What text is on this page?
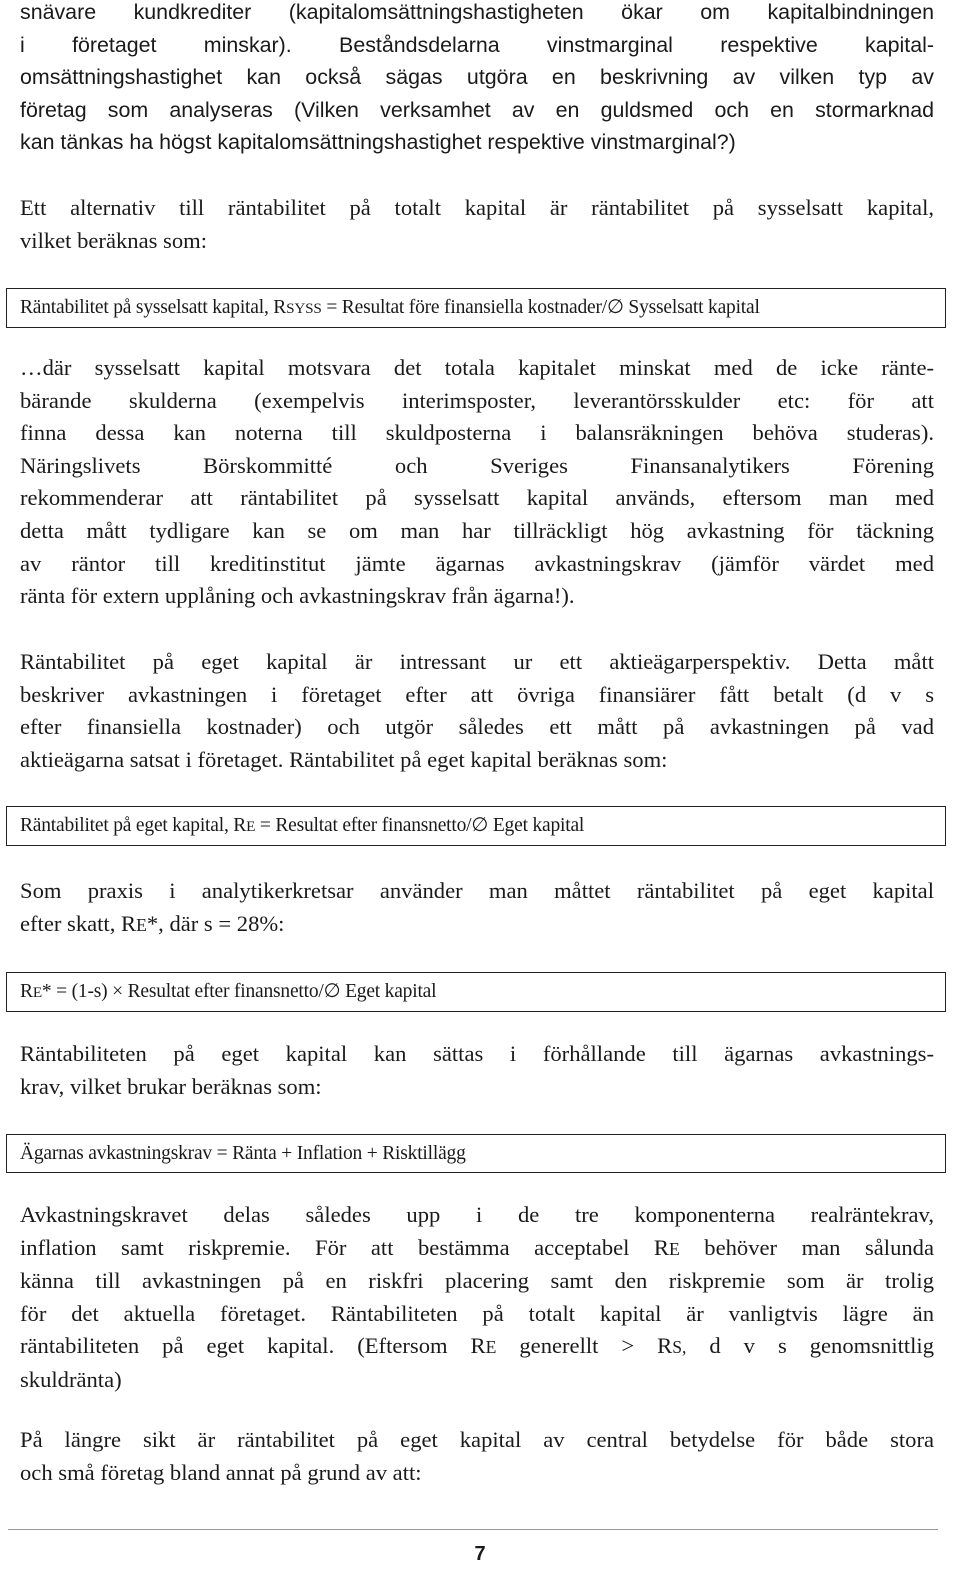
snävare kundkrediter (kapitalomsättningshastigheten ökar om kapitalbindningen
i företaget minskar). Beståndsdelarna vinstmarginal respektive kapital-
omsättningshastighet kan också sägas utgöra en beskrivning av vilken typ av
företag som analyseras (Vilken verksamhet av en guldsmed och en stormarknad
kan tänkas ha högst kapitalomsättningshastighet respektive vinstmarginal?)

Ett alternativ till räntabilitet på totalt kapital är räntabilitet på sysselsatt kapital,
vilket beräknas som:

Räntabilitet på sysselsatt kapital, RSYSS = Resultat före finansiella kostnader/∅ Sysselsatt kapital

…där sysselsatt kapital motsvara det totala kapitalet minskat med de icke ränte-
bärande skulderna (exempelvis interimsposter, leverantörsskulder etc: för att
finna dessa kan noterna till skuldposterna i balansräkningen behöva studeras).
Näringslivets Börskommitté och Sveriges Finansanalytikers Förening
rekommenderar att räntabilitet på sysselsatt kapital används, eftersom man med
detta mått tydligare kan se om man har tillräckligt hög avkastning för täckning
av räntor till kreditinstitut jämte ägarnas avkastningskrav (jämför värdet med
ränta för extern upplåning och avkastningskrav från ägarna!).

Räntabilitet på eget kapital är intressant ur ett aktieägarperspektiv. Detta mått
beskriver avkastningen i företaget efter att övriga finansiärer fått betalt (d v s
efter finansiella kostnader) och utgör således ett mått på avkastningen på vad
aktieägarna satsat i företaget. Räntabilitet på eget kapital beräknas som:

Räntabilitet på eget kapital, RE = Resultat efter finansnetto/∅ Eget kapital

Som praxis i analytikerkretsar använder man måttet räntabilitet på eget kapital
efter skatt, RE*, där s = 28%:

RE* = (1-s) × Resultat efter finansnetto/∅ Eget kapital

Räntabiliteten på eget kapital kan sättas i förhållande till ägarnas avkastnings-
krav, vilket brukar beräknas som:

Ägarnas avkastningskrav = Ränta + Inflation + Risktillägg

Avkastningskravet delas således upp i de tre komponenterna realräntekrav,
inflation samt riskpremie. För att bestämma acceptabel RE behöver man sålunda
känna till avkastningen på en riskfri placering samt den riskpremie som är trolig
för det aktuella företaget. Räntabiliteten på totalt kapital är vanligtvis lägre än
räntabiliteten på eget kapital. (Eftersom RE generellt > RS, d v s genomsnittlig
skuldränta)

På längre sikt är räntabilitet på eget kapital av central betydelse för både stora
och små företag bland annat på grund av att:

7
